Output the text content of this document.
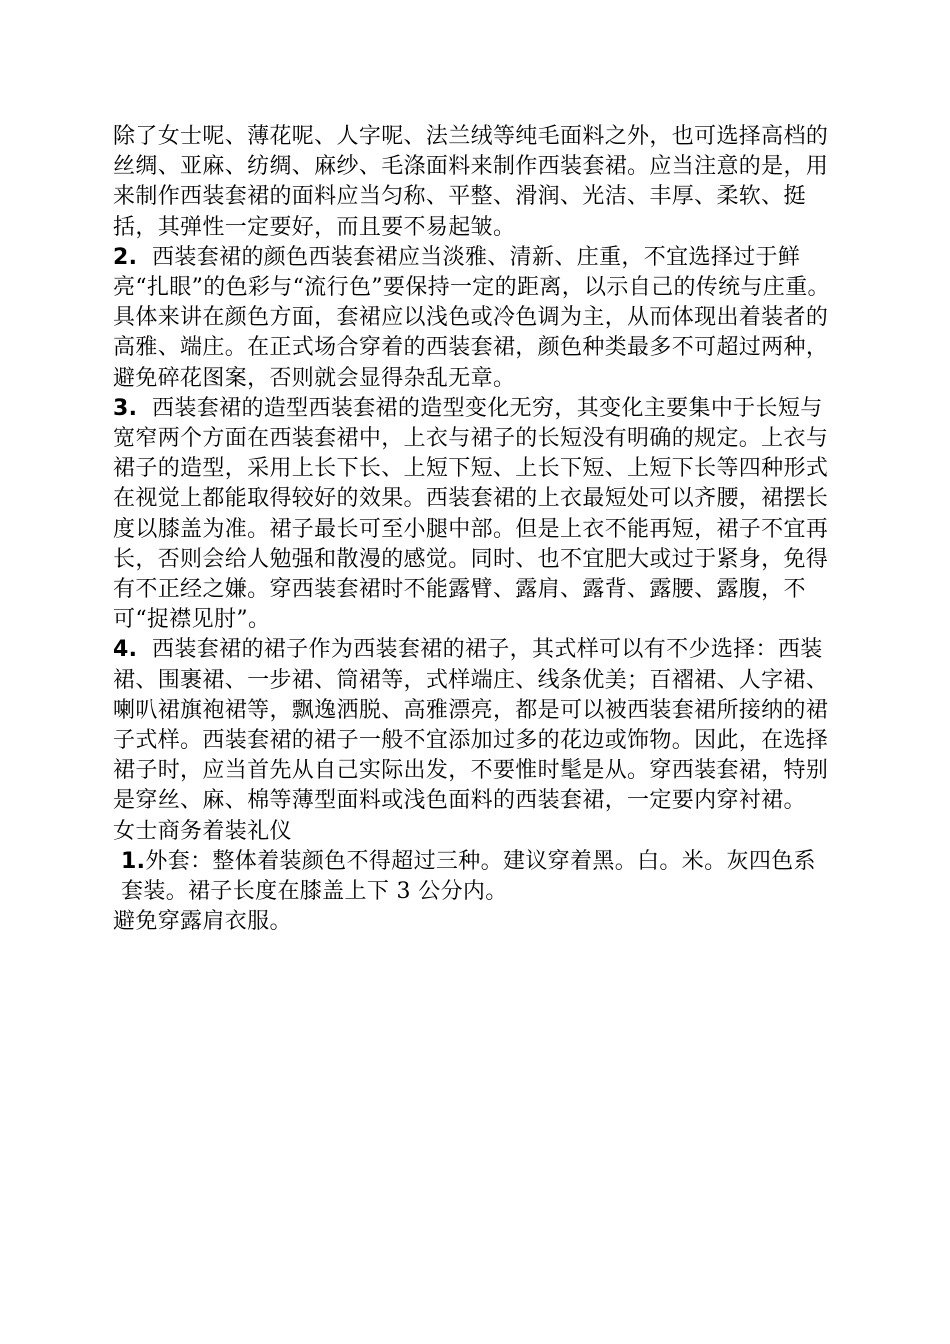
除了女士呢、薄花呢、人字呢、法兰绒等纯毛面料之外，也可选择高档的丝绸、亚麻、纺绸、麻纱、毛涤面料来制作西装套裙。应当注意的是，用来制作西装套裙的面料应当匀称、平整、滑润、光洁、丰厚、柔软、挺括，其弹性一定要好，而且要不易起皱。

2.  西装套裙的颜色西装套裙应当淡雅、清新、庄重，不宜选择过于鲜亮“扎眼”的色彩与“流行色”要保持一定的距离，以示自己的传统与庄重。具体来讲在颜色方面，套裙应以浅色或冷色调为主，从而体现出着装者的高雅、端庄。在正式场合穿着的西装套裙，颜色种类最多不可超过两种，避免碎花图案，否则就会显得杂乱无章。

3.  西装套裙的造型西装套裙的造型变化无穷，其变化主要集中于长短与宽窄两个方面在西装套裙中，上衣与裙子的长短没有明确的规定。上衣与裙子的造型，采用上长下长、上短下短、上长下短、上短下长等四种形式在视觉上都能取得较好的效果。西装套裙的上衣最短处可以齐腰，裙摆长度以膝盖为准。裙子最长可至小腿中部。但是上衣不能再短，裙子不宜再长，否则会给人勉强和散漫的感觉。同时、也不宜肥大或过于紧身，免得有不正经之嫌。穿西装套裙时不能露臂、露肩、露背、露腰、露腹，不可“捉襟见肘”。

4.  西装套裙的裙子作为西装套裙的裙子，其式样可以有不少选择：西装裙、围裹裙、一步裙、筒裙等，式样端庄、线条优美；百褶裙、人字裙、喇叭裙旗袍裙等，飘逸洒脱、高雅漂亮，都是可以被西装套裙所接纳的裙子式样。西装套裙的裙子一般不宜添加过多的花边或饰物。因此，在选择裙子时，应当首先从自己实际出发，不要惟时髦是从。穿西装套裙，特别是穿丝、麻、棉等薄型面料或浅色面料的西装套裙，一定要内穿衬裙。

女士商务着装礼仪

1.外套：整体着装颜色不得超过三种。建议穿着黑。白。米。灰四色系套装。裙子长度在膝盖上下 3 公分内。

避免穿露肩衣服。
